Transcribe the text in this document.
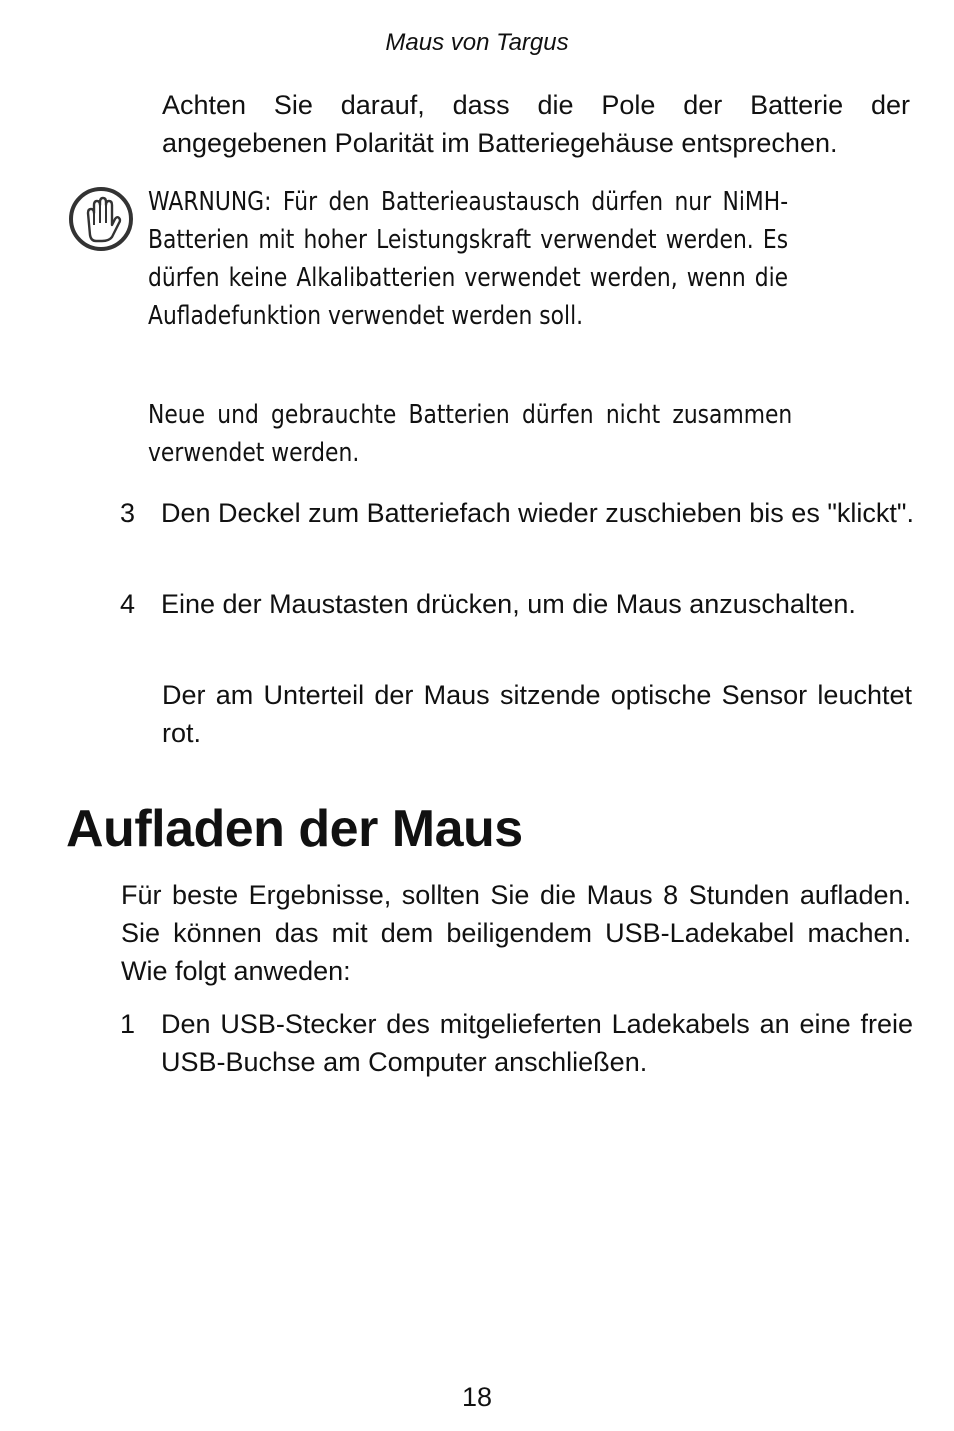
Maus von Targus

Achten Sie darauf, dass die Pole der Batterie der angegebenen Polarität im Batteriegehäuse entsprechen.

WARNUNG: Für den Batterieaustausch dürfen nur NiMH-Batterien mit hoher Leistungskraft verwendet werden. Es dürfen keine Alkalibatterien verwendet werden, wenn die Aufladefunktion verwendet werden soll.

Neue und gebrauchte Batterien dürfen nicht zusammen verwendet werden.

3 Den Deckel zum Batteriefach wieder zuschieben bis es "klickt".
4 Eine der Maustasten drücken, um die Maus anzuschalten.

Der am Unterteil der Maus sitzende optische Sensor leuchtet rot.

Aufladen der Maus

Für beste Ergebnisse, sollten Sie die Maus 8 Stunden aufladen. Sie können das mit dem beiligendem USB-Ladekabel machen. Wie folgt anweden:

1 Den USB-Stecker des mitgelieferten Ladekabels an eine freie USB-Buchse am Computer anschließen.
18
